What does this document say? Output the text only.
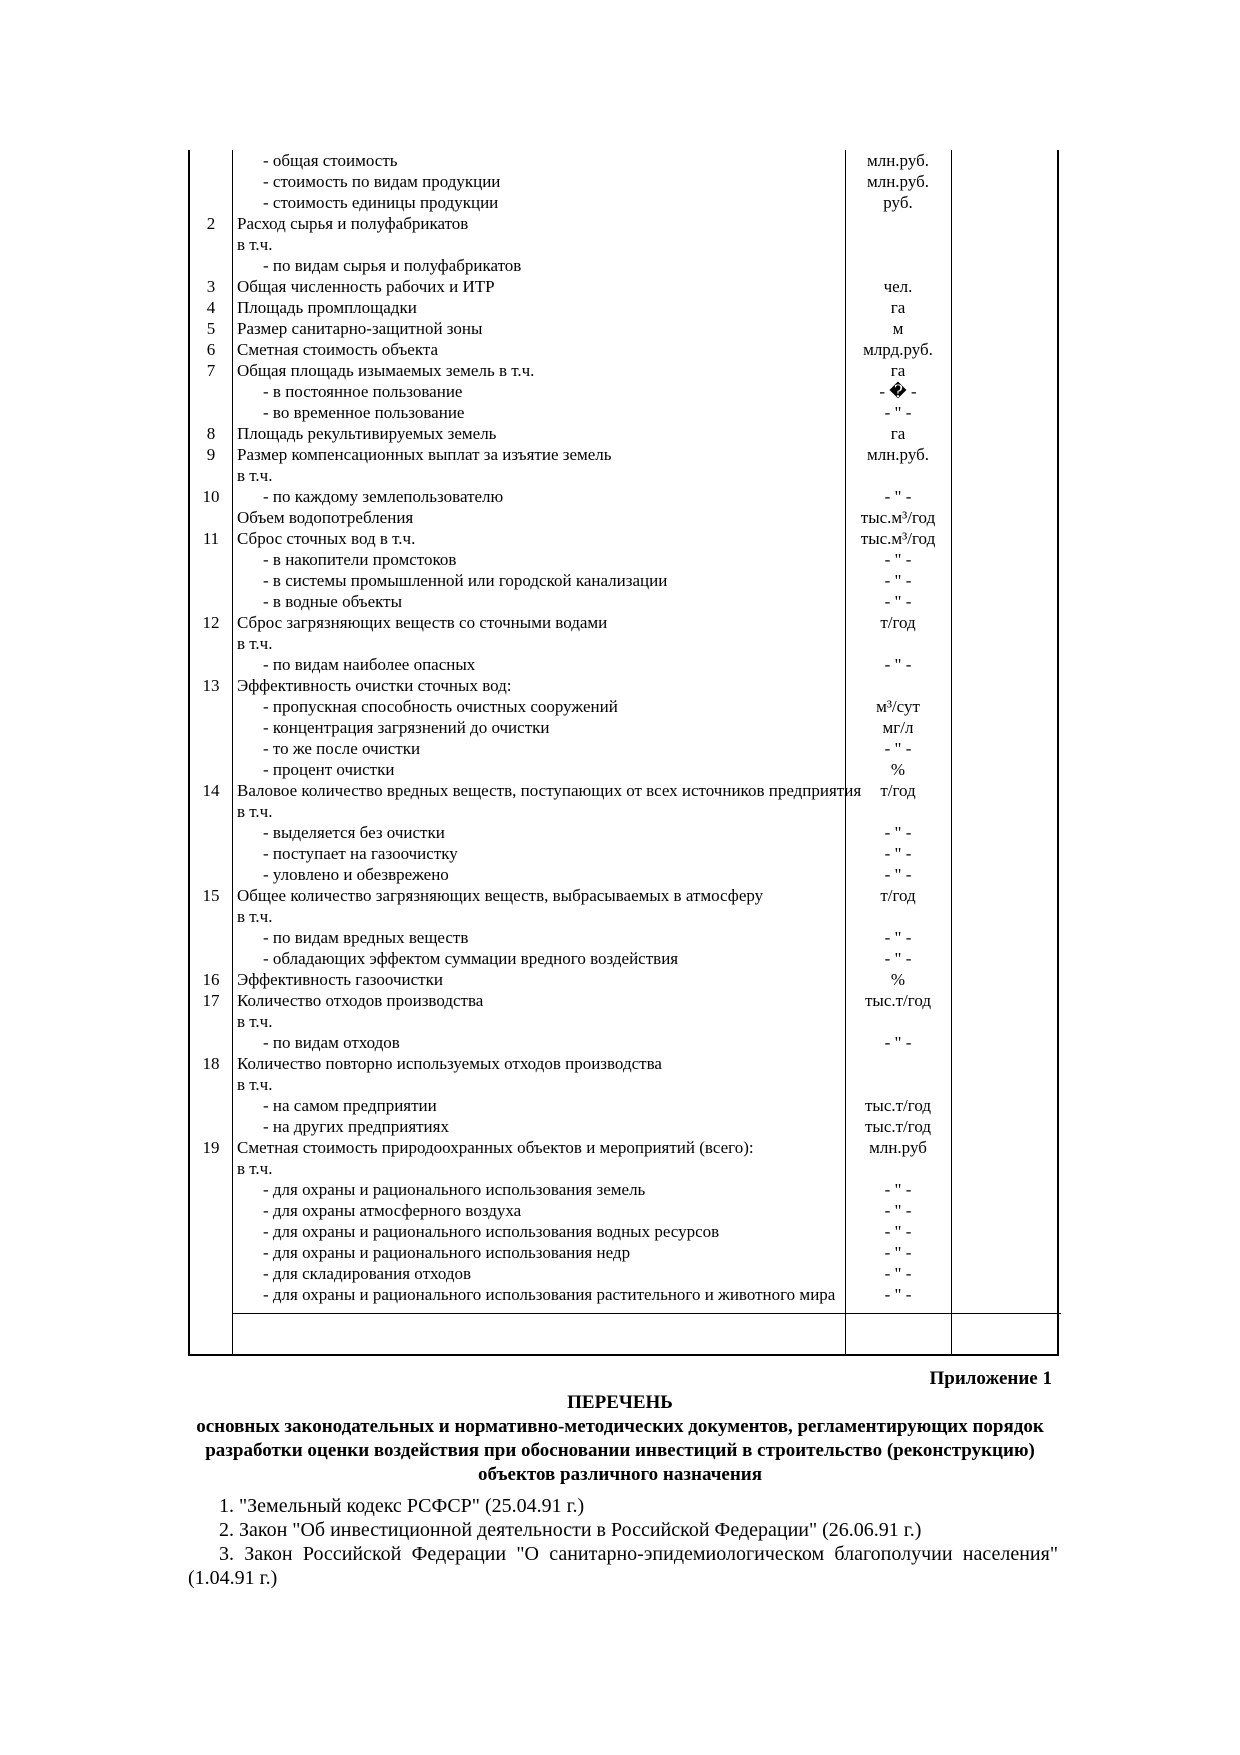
- общая стоимость	млн.руб.
- стоимость по видам продукции	млн.руб.
- стоимость единицы продукции	руб.
2	Расход сырья и полуфабрикатов
в т.ч.
- по видам сырья и полуфабрикатов
3	Общая численность рабочих и ИТР	чел.
4	Площадь промплощадки	га
5	Размер санитарно-защитной зоны	м
6	Сметная стоимость объекта	млрд.руб.
7	Общая площадь изымаемых земель в т.ч.	га
- в постоянное пользование	- � -
- во временное пользование	- " -
8	Площадь рекультивируемых земель	га
9	Размер компенсационных выплат за изъятие земель	млн.руб.
в т.ч.
10	- по каждому землепользователю	- " -
Объем водопотребления	тыс.м³/год
11	Сброс сточных вод в т.ч.	тыс.м³/год
- в накопители промстоков	- " -
- в системы промышленной или городской канализации	- " -
- в водные объекты	- " -
12	Сброс загрязняющих веществ со сточными водами	т/год
в т.ч.
- по видам наиболее опасных	- " -
13	Эффективность очистки сточных вод:
- пропускная способность очистных сооружений	м³/сут
- концентрация загрязнений до очистки	мг/л
- то же после очистки	- " -
- процент очистки	%
14	Валовое количество вредных веществ, поступающих от всех источников предприятия	т/год
в т.ч.
- выделяется без очистки	- " -
- поступает на газоочистку	- " -
- уловлено и обезврежено	- " -
15	Общее количество загрязняющих веществ, выбрасываемых в атмосферу	т/год
в т.ч.
- по видам вредных веществ	- " -
- обладающих эффектом суммации вредного воздействия	- " -
16	Эффективность газоочистки	%
17	Количество отходов производства	тыс.т/год
в т.ч.
- по видам отходов	- " -
18	Количество повторно используемых отходов производства
в т.ч.
- на самом предприятии	тыс.т/год
- на других предприятиях	тыс.т/год
19	Сметная стоимость природоохранных объектов и мероприятий (всего):	млн.руб
в т.ч.
- для охраны и рационального использования земель	- " -
- для охраны атмосферного воздуха	- " -
- для охраны и рационального использования водных ресурсов	- " -
- для охраны и рационального использования недр	- " -
- для складирования отходов	- " -
- для охраны и рационального использования растительного и животного мира	- " -
Приложение 1
ПЕРЕЧЕНЬ
основных законодательных и нормативно-методических документов, регламентирующих порядок разработки оценки воздействия при обосновании инвестиций в строительство (реконструкцию) объектов различного назначения
1. "Земельный кодекс РСФСР" (25.04.91 г.)
2. Закон "Об инвестиционной деятельности в Российской Федерации" (26.06.91 г.)
3. Закон Российской Федерации "О санитарно-эпидемиологическом благополучии населения" (1.04.91 г.)
